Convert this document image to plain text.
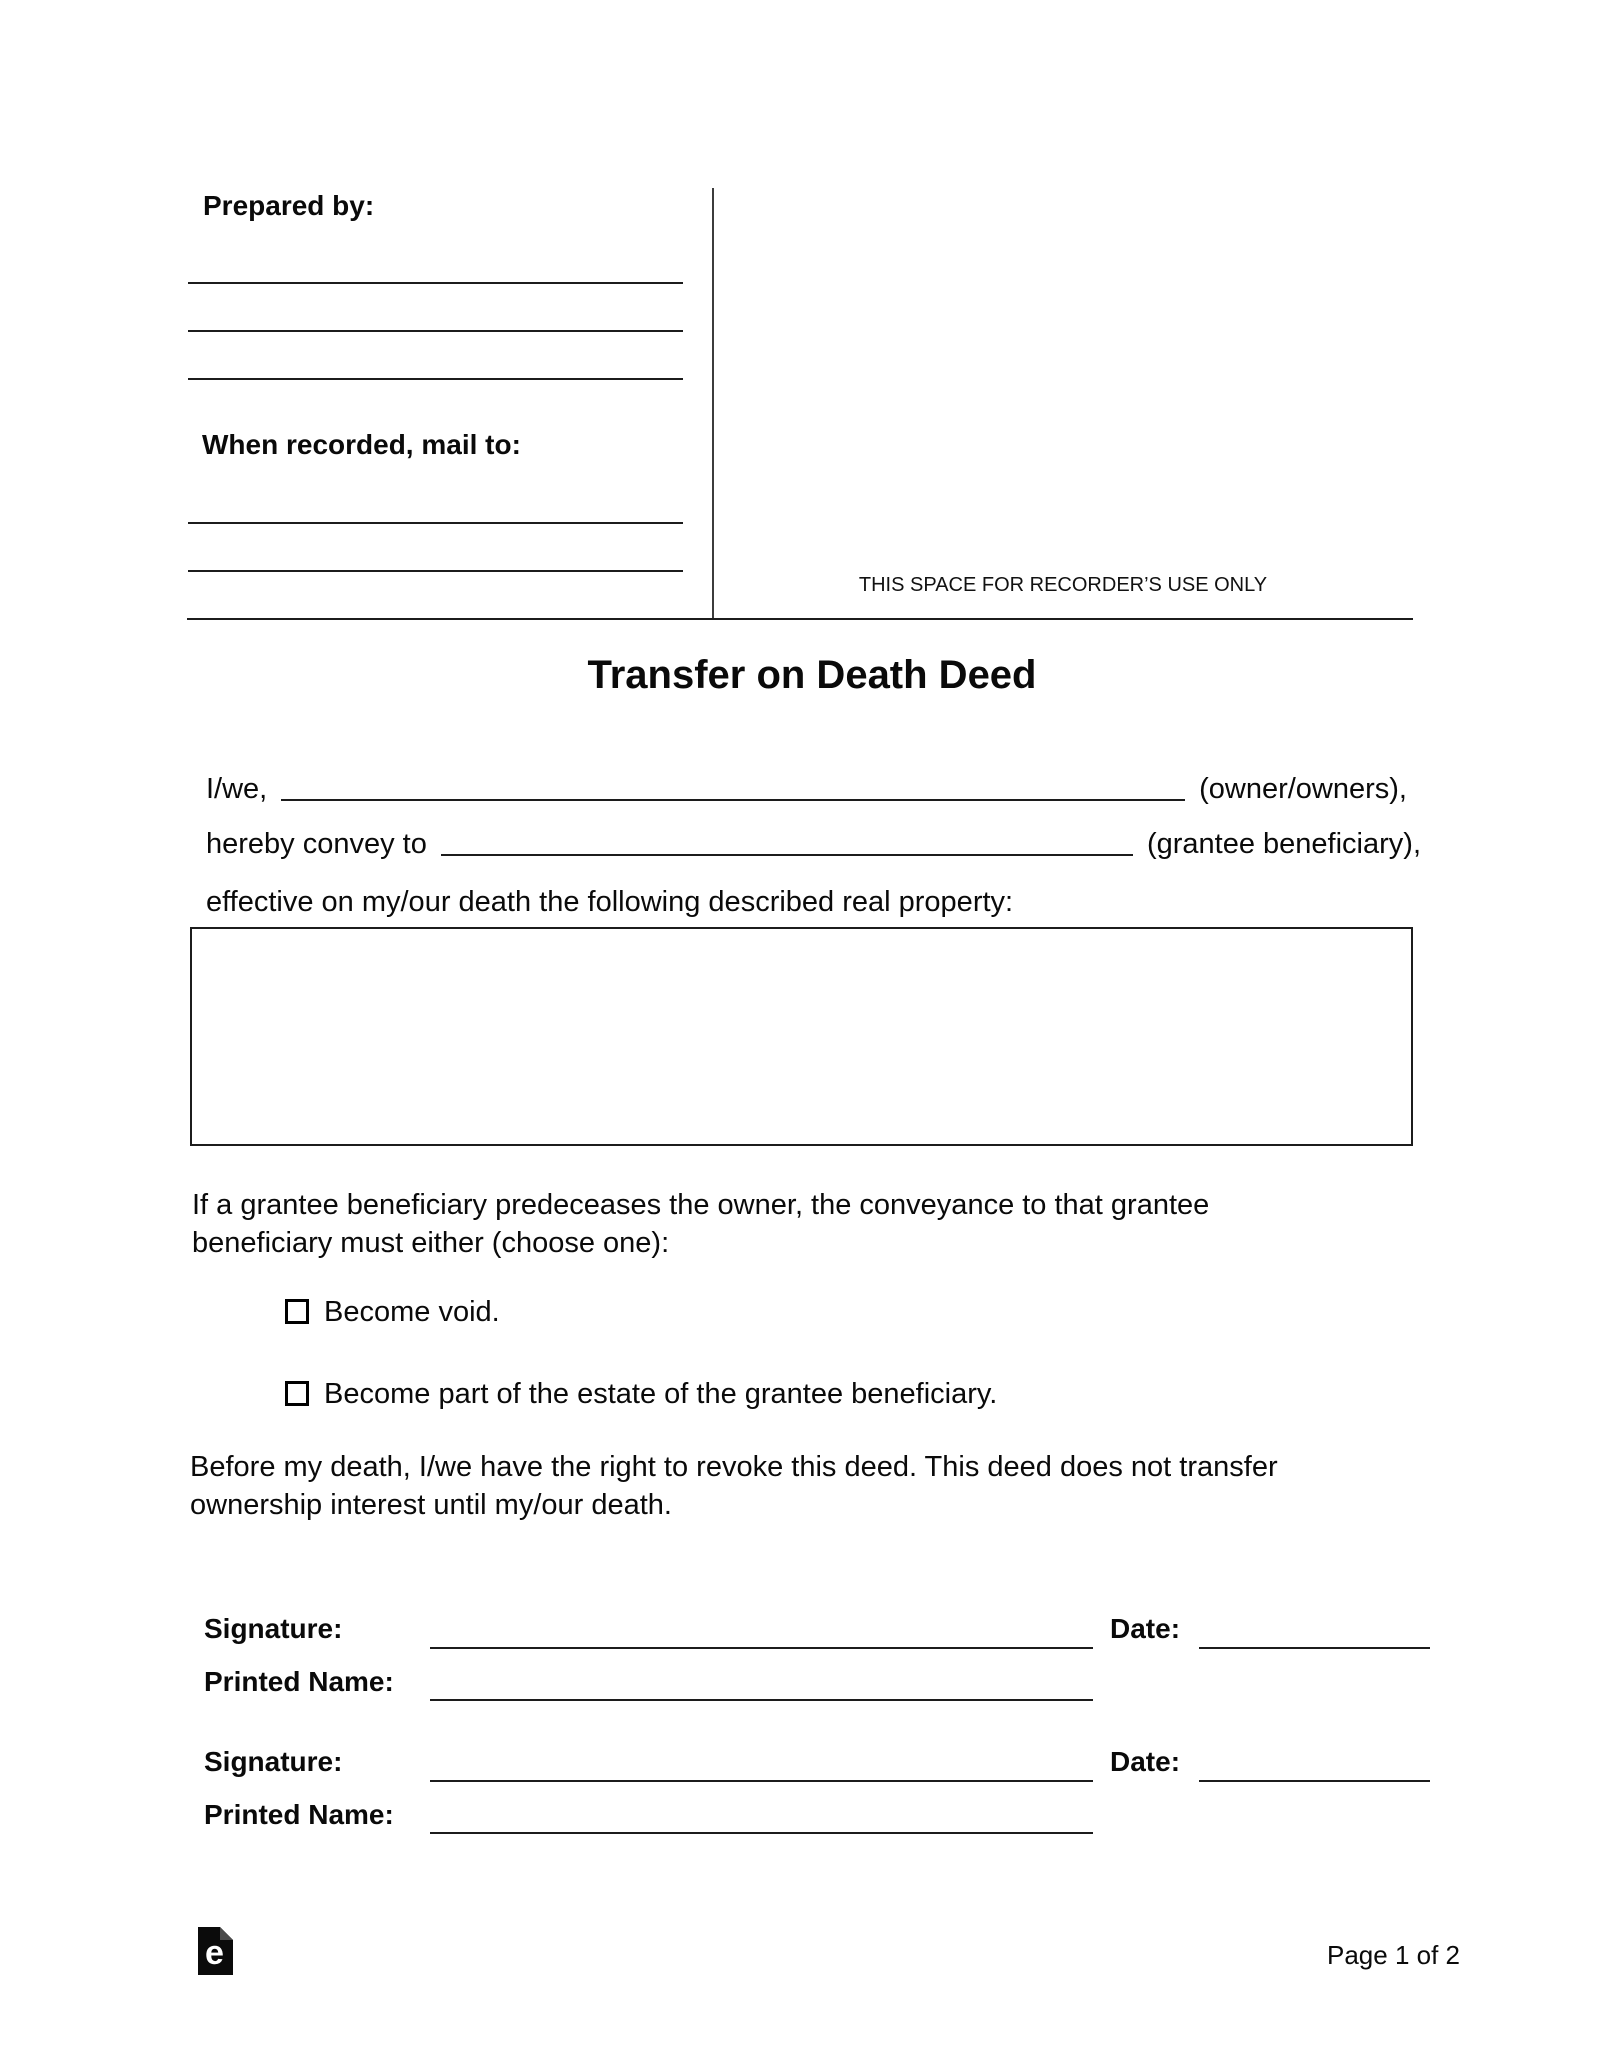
Prepared by:
When recorded, mail to:
THIS SPACE FOR RECORDER’S USE ONLY
Transfer on Death Deed
I/we,	(owner/owners),
hereby convey to	(grantee beneficiary),
effective on my/our death the following described real property:
If a grantee beneficiary predeceases the owner, the conveyance to that grantee
beneficiary must either (choose one):
Become void.
Become part of the estate of the grantee beneficiary.
Before my death, I/we have the right to revoke this deed. This deed does not transfer
ownership interest until my/our death.
Signature:	Date:
Printed Name:
Signature:	Date:
Printed Name:
e	Page 1 of 2
